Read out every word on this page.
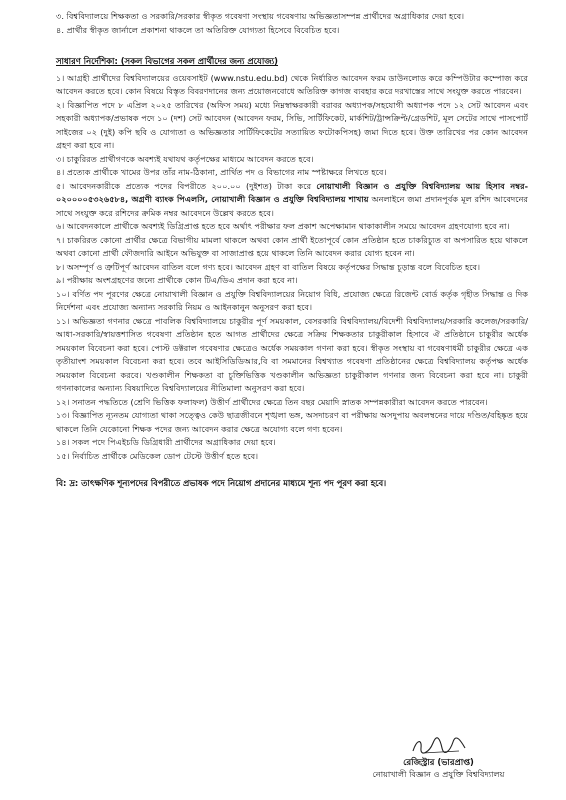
৩. বিশ্ববিদ্যালয়ে শিক্ষকতা ও সরকারি/সরকার স্বীকৃত গবেষণা সংস্থায় গবেষণায় অভিজ্ঞতাসম্পন্ন প্রার্থীদের অগ্রাধিকার দেয়া হবে।

৪. প্রার্থীর স্বীকৃত জার্নালে প্রকাশনা থাকলে তা অতিরিক্ত যোগ্যতা হিসেবে বিবেচিত হবে।

সাধারণ নির্দেশিকা: (সকল বিভাগের সকল প্রার্থীদের জন্য প্রযোজ্য)

১। আগ্রহী প্রার্থীদের বিশ্ববিদ্যালয়ের ওয়েবসাইট (www.nstu.edu.bd) থেকে নির্ধারিত আবেদন ফরম ডাউনলোড করে কম্পিউটার কম্পোজ করে আবেদন করতে হবে। কোন বিষয়ে বিস্তৃত বিবরণদানের জন্য প্রয়োজনবোধে অতিরিক্ত কাগজ ব্যবহার করে দরখাস্তের সাথে সংযুক্ত করতে পারবেন।

২। বিজ্ঞাপিত পদে ৮ এপ্রিল ২০২৫ তারিখের (অফিস সময়) মধ্যে নিম্নস্বাক্ষরকারী বরাবর অধ্যাপক/সহযোগী অধ্যাপক পদে ১২ সেট আবেদন এবং সহকারী অধ্যাপক/প্রভাষক পদে ১০ (দশ) সেট আবেদন (আবেদন ফরম, সিভি, সার্টিফিকেট, মার্কশিট/ট্রান্সক্রিপ্ট/গ্রেডশিট, মূল সেটের সাথে পাসপোর্ট সাইজের ০২ (দুই) কপি ছবি ও যোগ্যতা ও অভিজ্ঞতার সার্টিফিকেটের সত্যায়িত ফটোকপিসহ) জমা দিতে হবে। উক্ত তারিখের পর কোন আবেদন গ্রহণ করা হবে না।

৩। চাকুরিরত প্রার্থীগণকে অবশ্যই যথাযথ কর্তৃপক্ষের মাধ্যমে আবেদন করতে হবে।

৪। প্রত্যেক প্রার্থীকে খামের উপর তাঁর নাম-ঠিকানা, প্রার্থিত পদ ও বিভাগের নাম স্পষ্টাক্ষরে লিখতে হবে।

৫। আবেদনকারীকে প্রত্যেক পদের বিপরীতে ২০০.০০ (দুইশত) টাকা করে নোয়াখালী বিজ্ঞান ও প্রযুক্তি বিশ্ববিদ্যালয় আয় হিসাব নম্বর- ০২০০০০৫৩২৬৫৮৪, অগ্রণী ব্যাংক পিএলসি, নোয়াখালী বিজ্ঞান ও প্রযুক্তি বিশ্ববিদ্যালয় শাখায় অনলাইনে জমা প্রদানপূর্বক মূল রশিদ আবেদনের সাথে সংযুক্ত করে রশিদের ক্রমিক নম্বর আবেদনে উল্লেখ করতে হবে।

৬। আবেদনকালে প্রার্থীকে অবশ্যই ডিগ্রিপ্রাপ্ত হতে হবে অর্থাৎ পরীক্ষার ফল প্রকাশ অপেক্ষামান থাকাকালীন সময়ে আবেদন গ্রহণযোগ্য হবে না।

৭। চাকরিরত কোনো প্রার্থীর ক্ষেত্রে বিভাগীয় মামলা থাকলে অথবা কোন প্রার্থী ইতোপূর্বে কোন প্রতিষ্ঠান হতে চাকরিচ্যুত বা অপসারিত হয়ে থাকলে অথবা কোনো প্রার্থী ফৌজদারি আইনে অভিযুক্ত বা সাজাপ্রাপ্ত হয়ে থাকলে তিনি আবেদন করার যোগ্য হবেন না।

৮। অসম্পূর্ণ ও ত্রুটিপূর্ণ আবেদন বাতিল বলে গণ্য হবে। আবেদন গ্রহণ বা বাতিল বিষয়ে কর্তৃপক্ষের সিদ্ধান্ত চূড়ান্ত বলে বিবেচিত হবে।

৯। পরীক্ষায় অংশগ্রহণের জন্যে প্রার্থীকে কোন টিএ/ডিএ প্রদান করা হবে না।

১০। বর্ণিত পদ পূরণের ক্ষেত্রে নোয়াখালী বিজ্ঞান ও প্রযুক্তি বিশ্ববিদ্যালয়ের নিয়োগ বিধি, প্রযোজ্য ক্ষেত্রে রিজেন্ট বোর্ড কর্তৃক গৃহীত সিদ্ধান্ত ও দিক নির্দেশনা এবং প্রযোজ্য অন্যান্য সরকারি নিয়ম ও আইনকানুন অনুসরণ করা হবে।

১১। অভিজ্ঞতা গণনার ক্ষেত্রে পাবলিক বিশ্ববিদ্যালয়ে চাকুরীর পূর্ণ সময়কাল, বেসরকারি বিশ্ববিদ্যালয়/বিদেশী বিশ্ববিদ্যালয়/সরকারি কলেজ/সরকারি/আধা-সরকারি/স্বায়ত্তশাসিত গবেষণা প্রতিষ্ঠান হতে আগত প্রার্থীদের ক্ষেত্রে সক্রিয় শিক্ষকতার চাকুরীকাল হিসাবে ঐ প্রতিষ্ঠানে চাকুরীর অর্ধেক সময়কাল বিবেচনা করা হবে। পোস্ট ডক্টরাল গবেষণার ক্ষেত্রেও অর্ধেক সময়কাল গণনা করা হবে। স্বীকৃত সংস্থায় বা গবেষণাধর্মী চাকুরীর ক্ষেত্রে এক তৃতীয়াংশ সময়কাল বিবেচনা করা হবে। তবে আইসিডিডিআর,বি বা সমমানের বিশ্বখ্যাত গবেষণা প্রতিষ্ঠানের ক্ষেত্রে বিশ্ববিদ্যালয় কর্তৃপক্ষ অর্ধেক সময়কাল বিবেচনা করবে। খণ্ডকালীন শিক্ষকতা বা চুক্তিভিত্তিক খণ্ডকালীন অভিজ্ঞতা চাকুরীকাল গণনার জন্য বিবেচনা করা হবে না। চাকুরী গণনাকালের অন্যান্য বিষয়াদিতে বিশ্ববিদ্যালয়ের নীতিমালা অনুসরণ করা হবে।

১২। সনাতন পদ্ধতিতে (শ্রেণি ভিত্তিক ফলাফল) উত্তীর্ণ প্রার্থীদের ক্ষেত্রে তিন বছর মেয়াদি স্নাতক সম্পন্নকারীরা আবেদন করতে পারবেন।

১৩। বিজ্ঞাপিত ন্যূনতম যোগ্যতা থাকা সত্ত্বেও কেউ ছাত্রজীবনে শৃঙ্খলা ভঙ্গ, অসদাচরণ বা পরীক্ষায় অসদুপায় অবলম্বনের দায়ে দণ্ডিত/বহিষ্কৃত হয়ে থাকলে তিনি যেকোনো শিক্ষক পদের জন্য আবেদন করার ক্ষেত্রে অযোগ্য বলে গণ্য হবেন।

১৪। সকল পদে পিএইচডি ডিগ্রিধারী প্রার্থীদের অগ্রাধিকার দেয়া হবে।

১৫। নির্বাচিত প্রার্থীকে মেডিকেল ডোপ টেস্টে উত্তীর্ণ হতে হবে।

বি: দ্র: তাৎক্ষণিক শূন্যপদের বিপরীতে প্রভাষক পদে নিয়োগ প্রদানের মাধ্যমে শূন্য পদ পূরণ করা হবে।

রেজিস্ট্রার (ভারপ্রাপ্ত)
নোয়াখালী বিজ্ঞান ও প্রযুক্তি বিশ্ববিদ্যালয়
